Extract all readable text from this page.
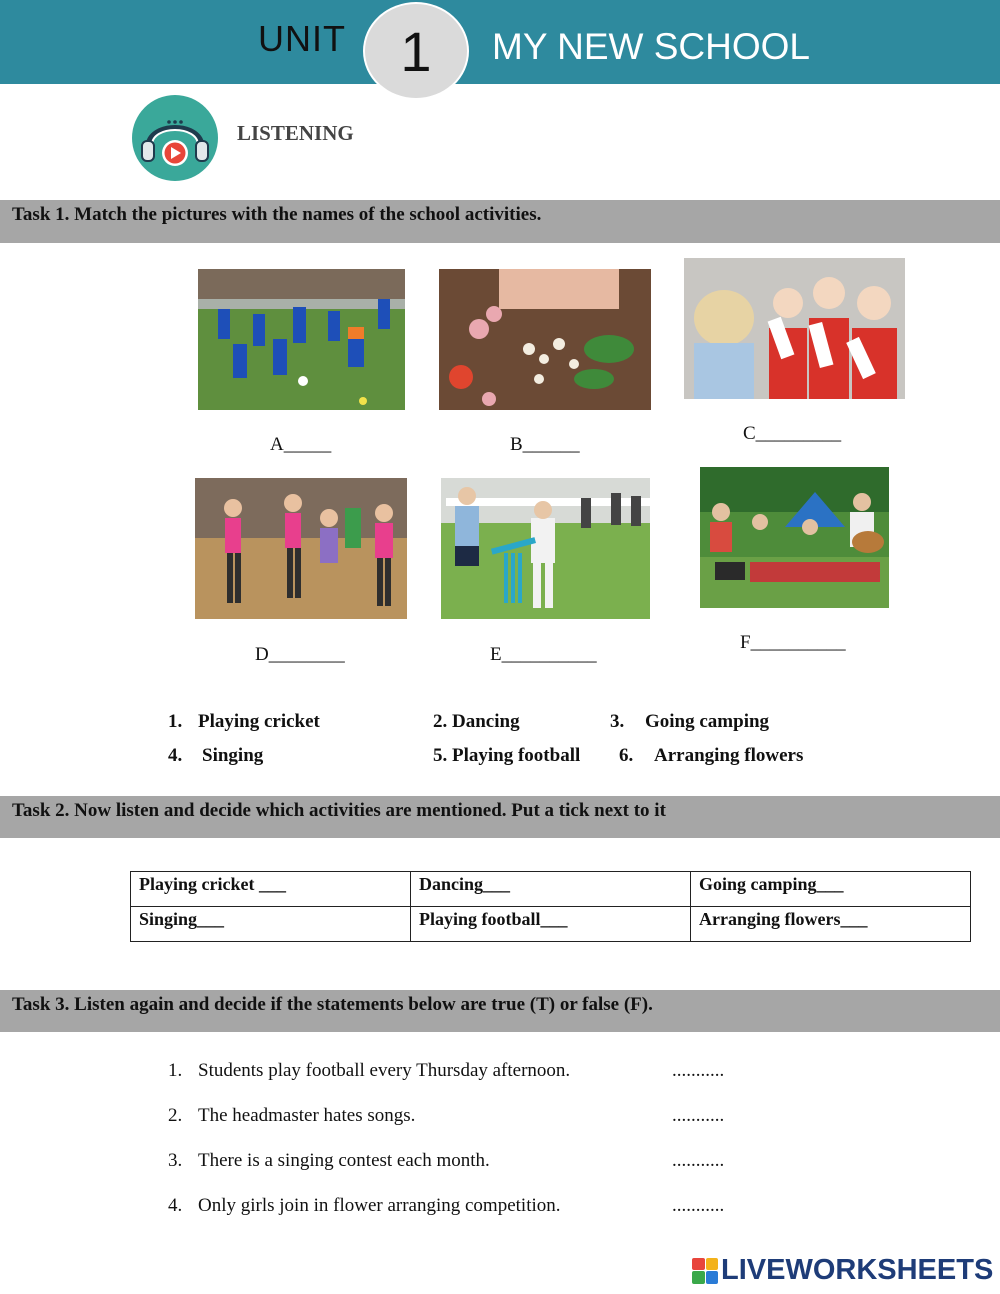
UNIT 1	MY NEW SCHOOL
LISTENING
Task 1. Match the pictures with the names of the school activities.
A_____	B______
C_________
D________	E__________
F__________
1. Playing cricket	2. Dancing	3. Going camping
4. Singing	5. Playing football 6. Arranging flowers
Task 2. Now listen and decide which activities are mentioned. Put a tick next to it
Playing cricket ___	Dancing___	Going camping___
Singing___	Playing football___	Arranging flowers___
Task 3. Listen again and decide if the statements below are true (T) or false (F).
1. Students play football every Thursday afternoon.	...........
2. The headmaster hates songs.	...........
3. There is a singing contest each month.	...........
4. Only girls join in flower arranging competition.	...........
LIVEWORKSHEETS
